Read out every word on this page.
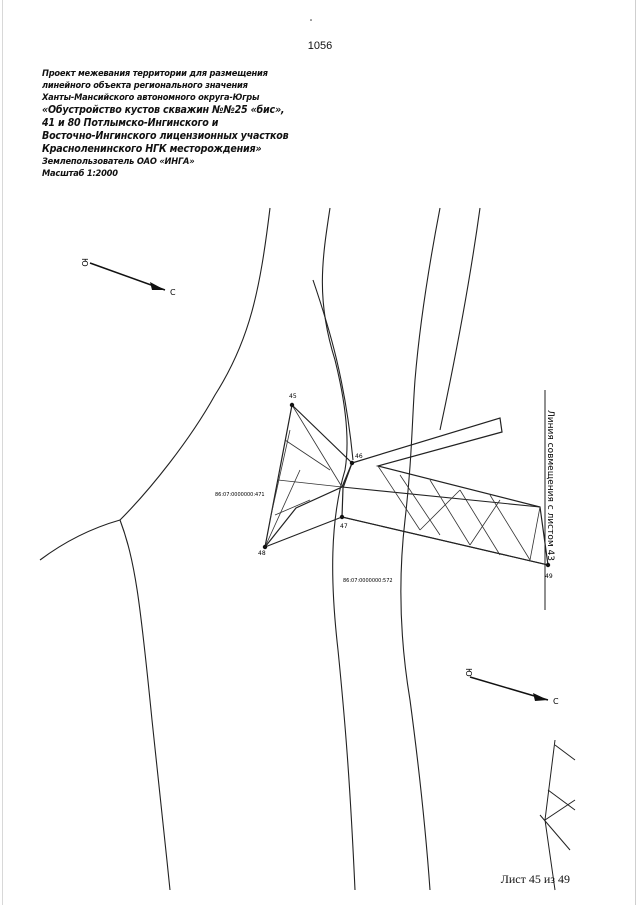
1056
Проект межевания территории для размещения
линейного объекта регионального значения
Ханты-Мансийского автономного округа-Югры
«Обустройство кустов скважин №№25 «бис»,
41 и 80 Потлымско-Ингинского и
Восточно-Ингинского лицензионных участков
Красноленинского НГК месторождения»
Землепользователь ОАО «ИНГА»
Масштаб 1:2000
Линия совмещения с листом 43
45
46
47
48
49
86:07:0000000:471
86:07:0000000:572
С
Ю
С
Ю
Лист 45 из 49
